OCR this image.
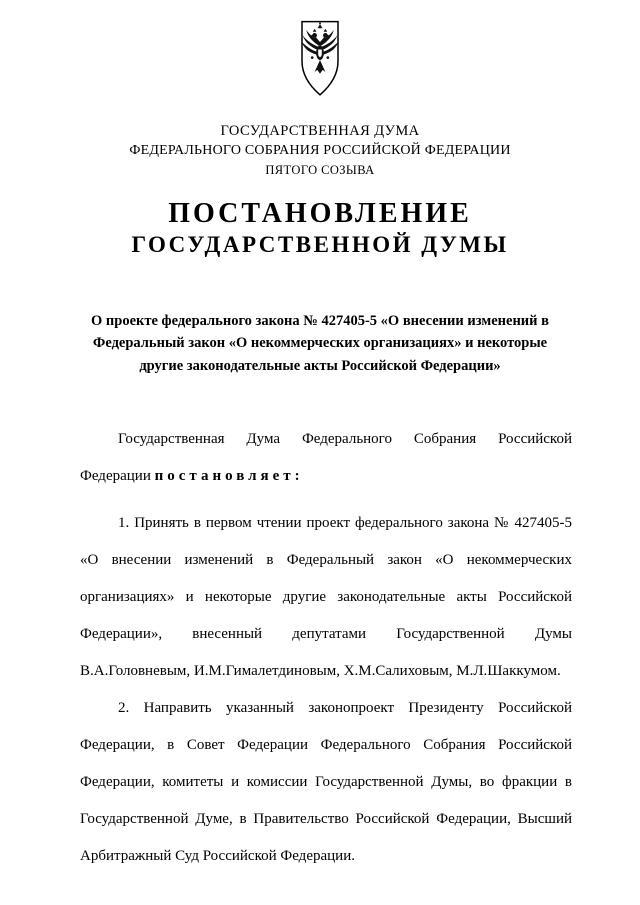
ГОСУДАРСТВЕННАЯ ДУМА
ФЕДЕРАЛЬНОГО СОБРАНИЯ РОССИЙСКОЙ ФЕДЕРАЦИИ
ПЯТОГО СОЗЫВА
ПОСТАНОВЛЕНИЕ
ГОСУДАРСТВЕННОЙ ДУМЫ
О проекте федерального закона № 427405-5 «О внесении изменений в Федеральный закон «О некоммерческих организациях» и некоторые другие законодательные акты Российской Федерации»

Государственная Дума Федерального Собрания Российской Федерации постановляет:

1. Принять в первом чтении проект федерального закона № 427405-5 «О внесении изменений в Федеральный закон «О некоммерческих организациях» и некоторые другие законодательные акты Российской Федерации», внесенный депутатами Государственной Думы В.А.Головневым, И.М.Гималетдиновым, Х.М.Салиховым, М.Л.Шаккумом.

2. Направить указанный законопроект Президенту Российской Федерации, в Совет Федерации Федерального Собрания Российской Федерации, комитеты и комиссии Государственной Думы, во фракции в Государственной Думе, в Правительство Российской Федерации, Высший Арбитражный Суд Российской Федерации.
